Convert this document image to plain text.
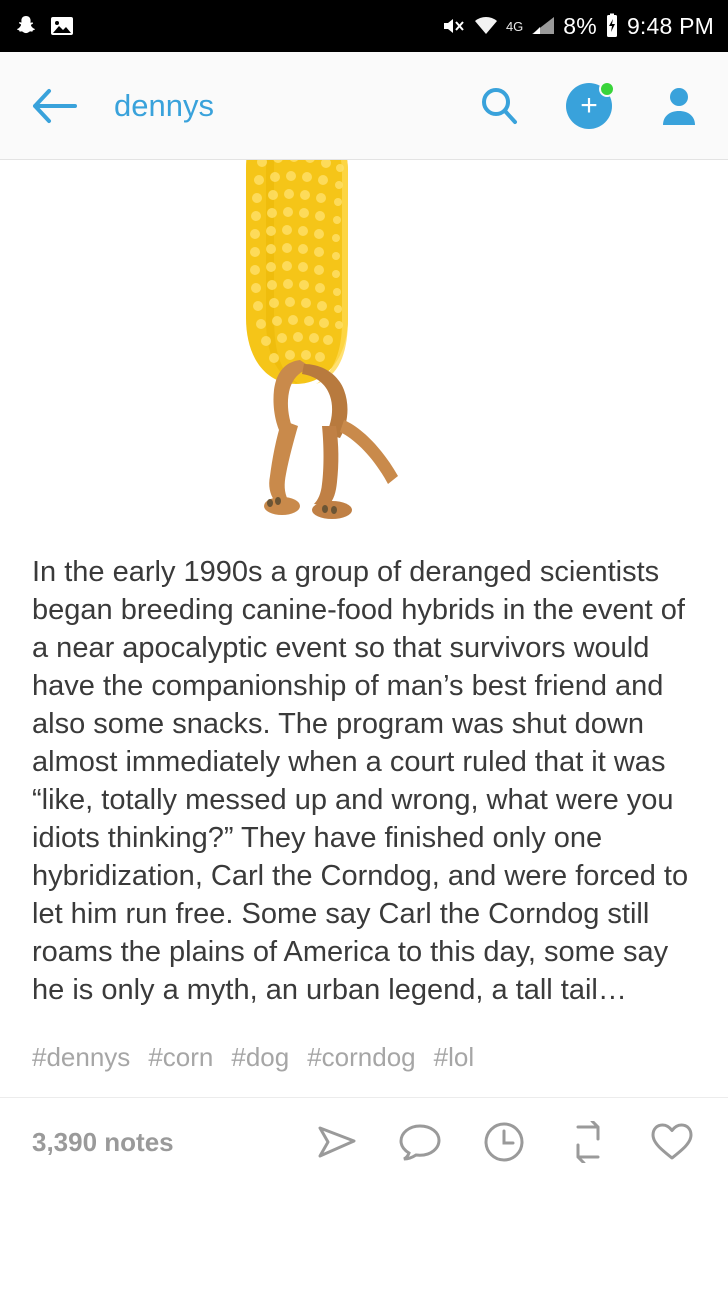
4G 8% 9:48 PM
dennys	+
In the early 1990s a group of deranged scientists began breeding canine-food hybrids in the event of a near apocalyptic event so that survivors would have the companionship of man’s best friend and also some snacks. The program was shut down almost immediately when a court ruled that it was “like, totally messed up and wrong, what were you idiots thinking?” They have finished only one hybridization, Carl the Corndog, and were forced to let him run free. Some say Carl the Corndog still roams the plains of America to this day, some say he is only a myth, an urban legend, a tall tail…
#dennys #corn #dog #corndog #lol
3,390 notes
